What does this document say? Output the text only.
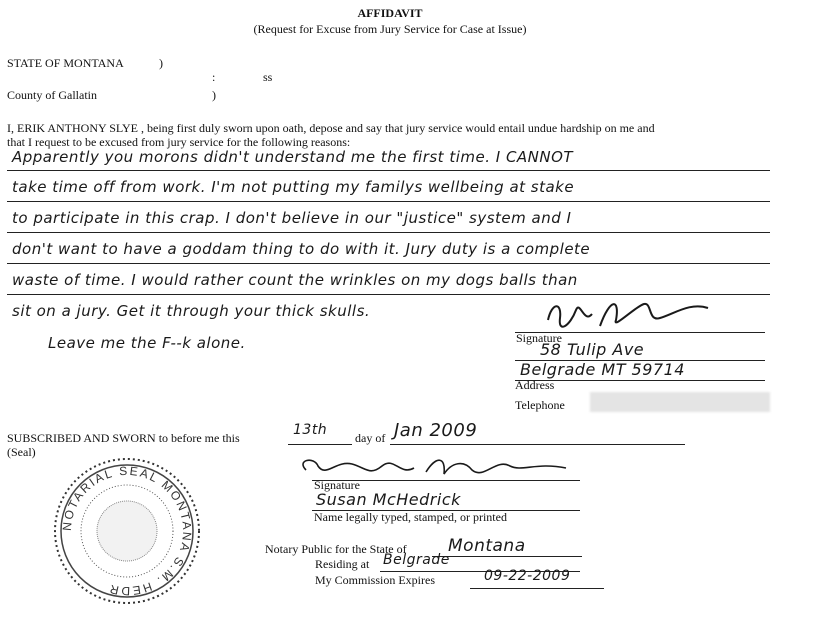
AFFIDAVIT
(Request for Excuse from Jury Service for Case at Issue)
STATE OF MONTANA	)
:	ss
County of Gallatin	)
I, ERIK ANTHONY SLYE , being first duly sworn upon oath, depose and say that jury service would entail undue hardship on me and
that I request to be excused from jury service for the following reasons:
Apparently you morons didn't understand me the first time. I CANNOT
take time off from work. I'm not putting my familys wellbeing at stake
to participate in this crap. I don't believe in our "justice" system and I
don't want to have a goddam thing to do with it. Jury duty is a complete
waste of time. I would rather count the wrinkles on my dogs balls than
sit on a jury. Get it through your thick skulls.
Leave me the F--k alone.	Signature
58 Tulip Ave
Belgrade MT 59714
Address
Telephone
SUBSCRIBED AND SWORN to before me this	13th day of Jan 2009
(Seal)
Signature
Susan McHedrick
Name legally typed, stamped, or printed
Notary Public for the State of Montana
Residing at Belgrade
My Commission Expires	09-22-2009
NOTARIAL SEAL MONTANA S.M. HEDR
